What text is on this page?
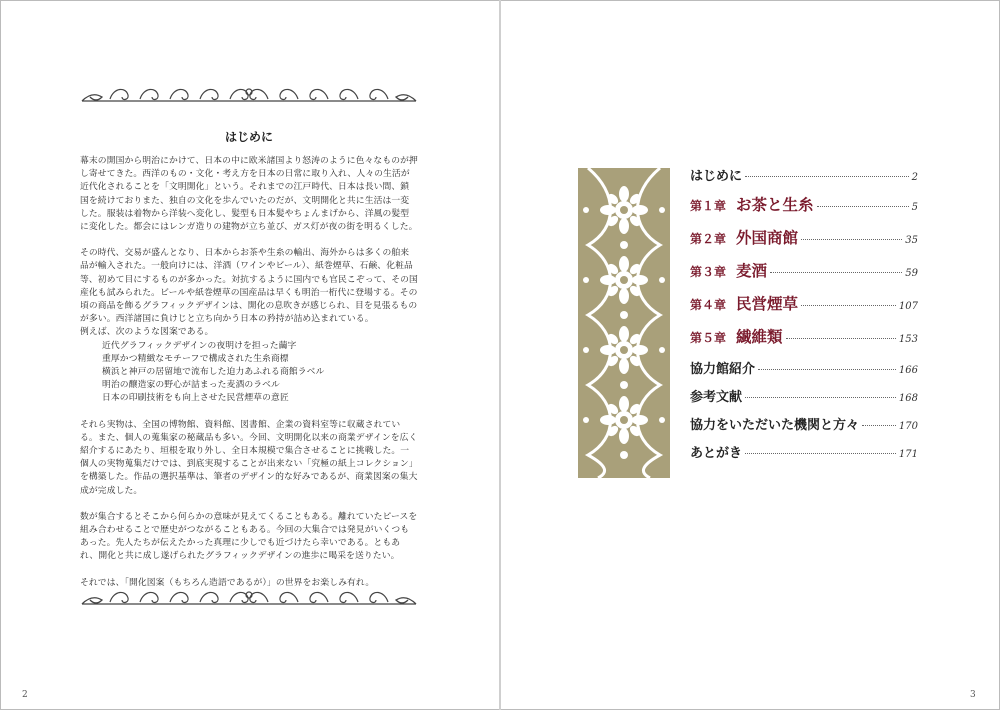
はじめに

幕末の開国から明治にかけて、日本の中に欧米諸国より怒涛のように色々なものが押し寄せてきた。西洋のもの・文化・考え方を日本の日常に取り入れ、人々の生活が近代化されることを「文明開化」という。それまでの江戸時代、日本は長い間、鎖国を続けておりまた、独自の文化を歩んでいたのだが、文明開化と共に生活は一変した。服装は着物から洋装へ変化し、髪型も日本髪やちょんまげから、洋風の髪型に変化した。都会にはレンガ造りの建物が立ち並び、ガス灯が夜の街を明るくした。

その時代、交易が盛んとなり、日本からお茶や生糸の輸出、海外からは多くの舶来品が輸入された。一般向けには、洋酒（ワインやビール）、紙巻煙草、石鹸、化粧品等、初めて目にするものが多かった。対抗するように国内でも官民こぞって、その国産化も試みられた。ビールや紙巻煙草の国産品は早くも明治一桁代に登場する。その頃の商品を飾るグラフィックデザインは、開化の息吹きが感じられ、目を見張るものが多い。西洋諸国に負けじと立ち向かう日本の矜持が詰め込まれている。
例えば、次のような図案である。

近代グラフィックデザインの夜明けを担った繭字
重厚かつ精緻なモチーフで構成された生糸商標
横浜と神戸の居留地で流布した迫力あふれる商館ラベル
明治の醸造家の野心が詰まった麦酒のラベル
日本の印刷技術をも向上させた民営煙草の意匠

それら実物は、全国の博物館、資料館、図書館、企業の資料室等に収蔵されている。また、個人の蒐集家の秘蔵品も多い。今回、文明開化以来の商業デザインを広く紹介するにあたり、垣根を取り外し、全日本規模で集合させることに挑戦した。一個人の実物蒐集だけでは、到底実現することが出来ない「究極の紙上コレクション」を構築した。作品の選択基準は、筆者のデザイン的な好みであるが、商業図案の集大成が完成した。

数が集合するとそこから何らかの意味が見えてくることもある。離れていたピースを組み合わせることで歴史がつながることもある。今回の大集合では発見がいくつもあった。先人たちが伝えたかった真理に少しでも近づけたら幸いである。ともあれ、開化と共に成し遂げられたグラフィックデザインの進歩に喝采を送りたい。

それでは、「開化図案（もちろん造語であるが）」の世界をお楽しみ有れ。

2
はじめに	2
第１章 お茶と生糸	5
第２章 外国商館	35
第３章 麦酒	59
第４章 民営煙草	107
第５章 繊維類	153
協力館紹介	166
参考文献	168
協力をいただいた機関と方々	170
あとがき	171
3
